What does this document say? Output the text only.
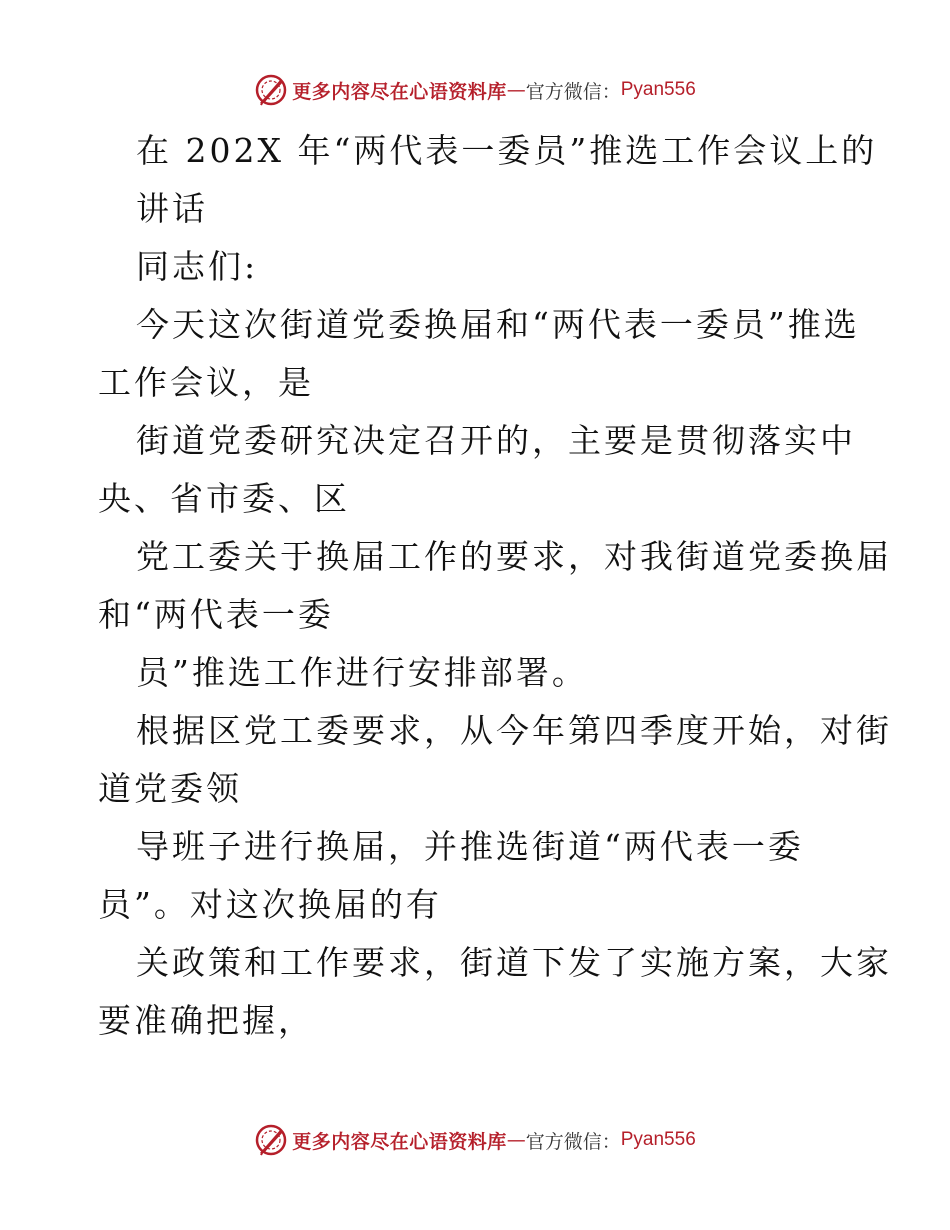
更多内容尽在心语资料库 — 官方微信： Pyan556
在 202X 年“两代表一委员”推选工作会议上的
讲话
同志们:
今天这次街道党委换届和“两代表一委员”推选
工作会议，是
街道党委研究决定召开的，主要是贯彻落实中
央、省市委、区
党工委关于换届工作的要求，对我街道党委换届
和“两代表一委
员”推选工作进行安排部署。
根据区党工委要求，从今年第四季度开始，对街
道党委领
导班子进行换届，并推选街道“两代表一委
员”。对这次换届的有
关政策和工作要求，街道下发了实施方案，大家
要准确把握，
更多内容尽在心语资料库 — 官方微信： Pyan556
